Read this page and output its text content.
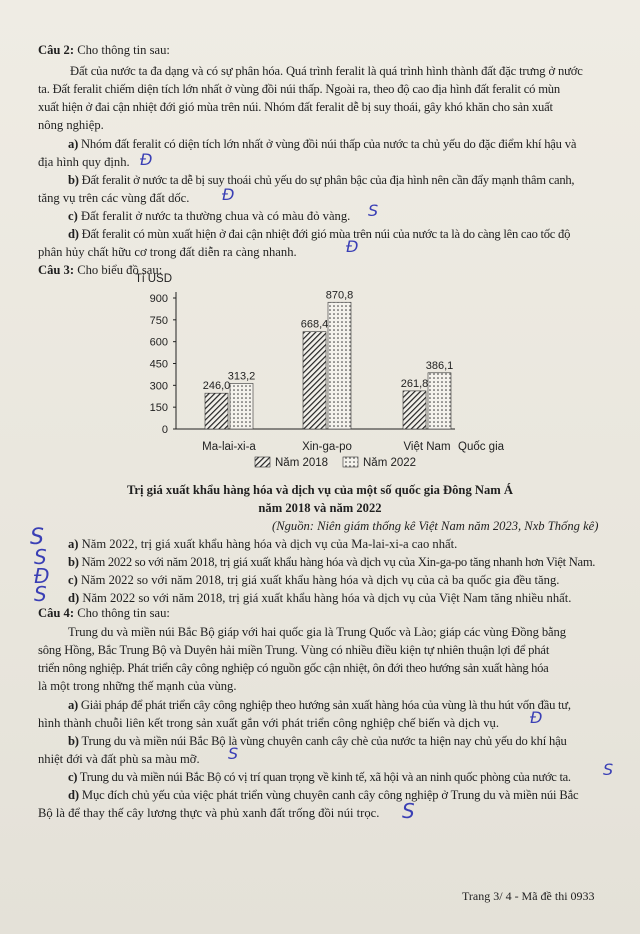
Câu 2: Cho thông tin sau:
Đất của nước ta đa dạng và có sự phân hóa. Quá trình feralit là quá trình hình thành đất đặc trưng ở nước
ta. Đất feralit chiếm diện tích lớn nhất ở vùng đồi núi thấp. Ngoài ra, theo độ cao địa hình đất feralit có mùn
xuất hiện ở đai cận nhiệt đới gió mùa trên núi. Nhóm đất feralit dễ bị suy thoái, gây khó khăn cho sản xuất
nông nghiệp.
a) Nhóm đất feralit có diện tích lớn nhất ở vùng đồi núi thấp của nước ta chủ yếu do đặc điểm khí hậu và
địa hình quy định. Đ
b) Đất feralit ở nước ta dễ bị suy thoái chủ yếu do sự phân bậc của địa hình nên cần đẩy mạnh thâm canh,
tăng vụ trên các vùng đất dốc. Đ
c) Đất feralit ở nước ta thường chua và có màu đỏ vàng. S
d) Đất feralit có mùn xuất hiện ở đai cận nhiệt đới gió mùa trên núi của nước ta là do càng lên cao tốc độ
phân hủy chất hữu cơ trong đất diễn ra càng nhanh.	Đ
Câu 3: Cho biểu đồ sau:
Tỉ USD
Quốc gia
0
150
300
450
600
750
900
Ma-lai-xi-a	Xin-ga-po	Việt Nam
246,0
313,2
668,4
870,8
261,8
386,1
Năm 2018	Năm 2022
Trị giá xuất khẩu hàng hóa và dịch vụ của một số quốc gia Đông Nam Á
năm 2018 và năm 2022
(Nguồn: Niên giám thống kê Việt Nam năm 2023, Nxb Thống kê)
a) Năm 2022, trị giá xuất khẩu hàng hóa và dịch vụ của Ma-lai-xi-a cao nhất.
S
b) Năm 2022 so với năm 2018, trị giá xuất khẩu hàng hóa và dịch vụ của Xin-ga-po tăng nhanh hơn Việt Nam.
S
c) Năm 2022 so với năm 2018, trị giá xuất khẩu hàng hóa và dịch vụ của cả ba quốc gia đều tăng.
Đ
d) Năm 2022 so với năm 2018, trị giá xuất khẩu hàng hóa và dịch vụ của Việt Nam tăng nhiều nhất.
S
Câu 4: Cho thông tin sau:
Trung du và miền núi Bắc Bộ giáp với hai quốc gia là Trung Quốc và Lào; giáp các vùng Đồng bằng
sông Hồng, Bắc Trung Bộ và Duyên hải miền Trung. Vùng có nhiều điều kiện tự nhiên thuận lợi để phát
triển nông nghiệp. Phát triển cây công nghiệp có nguồn gốc cận nhiệt, ôn đới theo hướng sản xuất hàng hóa
là một trong những thế mạnh của vùng.
a) Giải pháp để phát triển cây công nghiệp theo hướng sản xuất hàng hóa của vùng là thu hút vốn đầu tư,
hình thành chuỗi liên kết trong sản xuất gắn với phát triển công nghiệp chế biến và dịch vụ. Đ
b) Trung du và miền núi Bắc Bộ là vùng chuyên canh cây chè của nước ta hiện nay chủ yếu do khí hậu
nhiệt đới và đất phù sa màu mỡ. S
c) Trung du và miền núi Bắc Bộ có vị trí quan trọng về kinh tế, xã hội và an ninh quốc phòng của nước ta. S
d) Mục đích chủ yếu của việc phát triển vùng chuyên canh cây công nghiệp ở Trung du và miền núi Bắc
Bộ là để thay thế cây lương thực và phủ xanh đất trống đồi núi trọc. S
Trang 3/ 4 - Mã đề thi 0933
